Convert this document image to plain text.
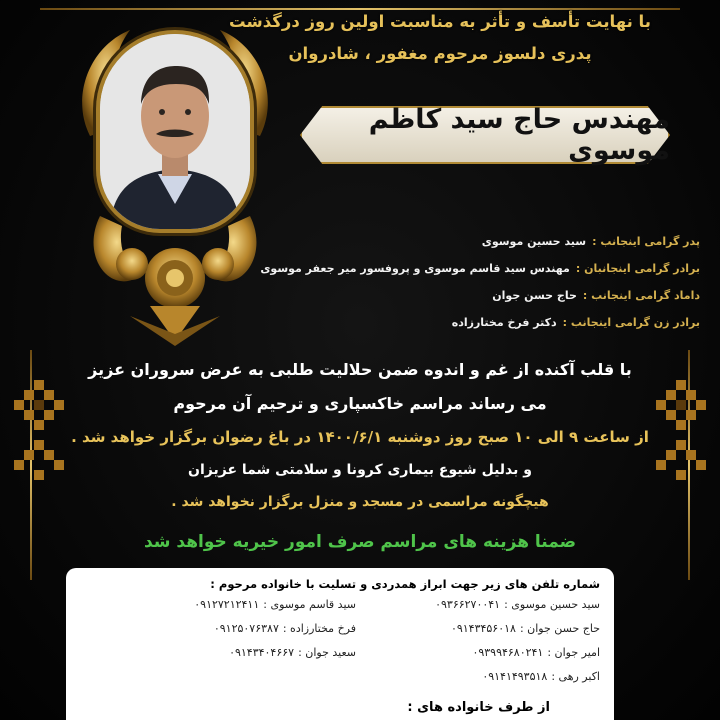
با نهایت تأسف و تأثر به مناسبت اولین روز درگذشت
پدری دلسوز مرحوم مغفور ، شادروان
مهندس حاج سید کاظم موسوی
پدر گرامی اینجانب :
سید حسین موسوی
برادر گرامی اینجانبان :
مهندس سید قاسم موسوی و پروفسور میر جعفر موسوی
داماد گرامی اینجانب :
حاج حسن جوان
برادر زن گرامی اینجانب :
دکتر فرخ مختارزاده
با قلب آکنده از غم و اندوه ضمن حلالیت طلبی به عرض سروران عزیز
می رساند مراسم خاکسپاری و ترحیم آن مرحوم
از ساعت ۹ الی ۱۰ صبح روز دوشنبه ۱۴۰۰/۶/۱ در باغ رضوان برگزار خواهد شد .
و بدلیل شیوع بیماری کرونا و سلامتی شما عزیزان
هیچگونه مراسمی در مسجد و منزل برگزار نخواهد شد .
ضمنا هزینه های مراسم صرف امور خیریه خواهد شد
شماره تلفن های زیر جهت ابراز همدردی و تسلیت با خانواده مرحوم :
سید حسین موسوی :
۰۹۳۶۶۲۷۰۰۴۱
حاج حسن جوان :
۰۹۱۴۳۴۵۶۰۱۸
امیر جوان :
۰۹۳۹۹۴۶۸۰۲۴۱
اکبر رهی :
۰۹۱۴۱۴۹۳۵۱۸
سید قاسم موسوی :
۰۹۱۲۷۲۱۲۴۱۱
فرخ مختارزاده :
۰۹۱۲۵۰۷۶۳۸۷
سعید جوان :
۰۹۱۴۳۴۰۴۶۶۷
از طرف خانواده های :
